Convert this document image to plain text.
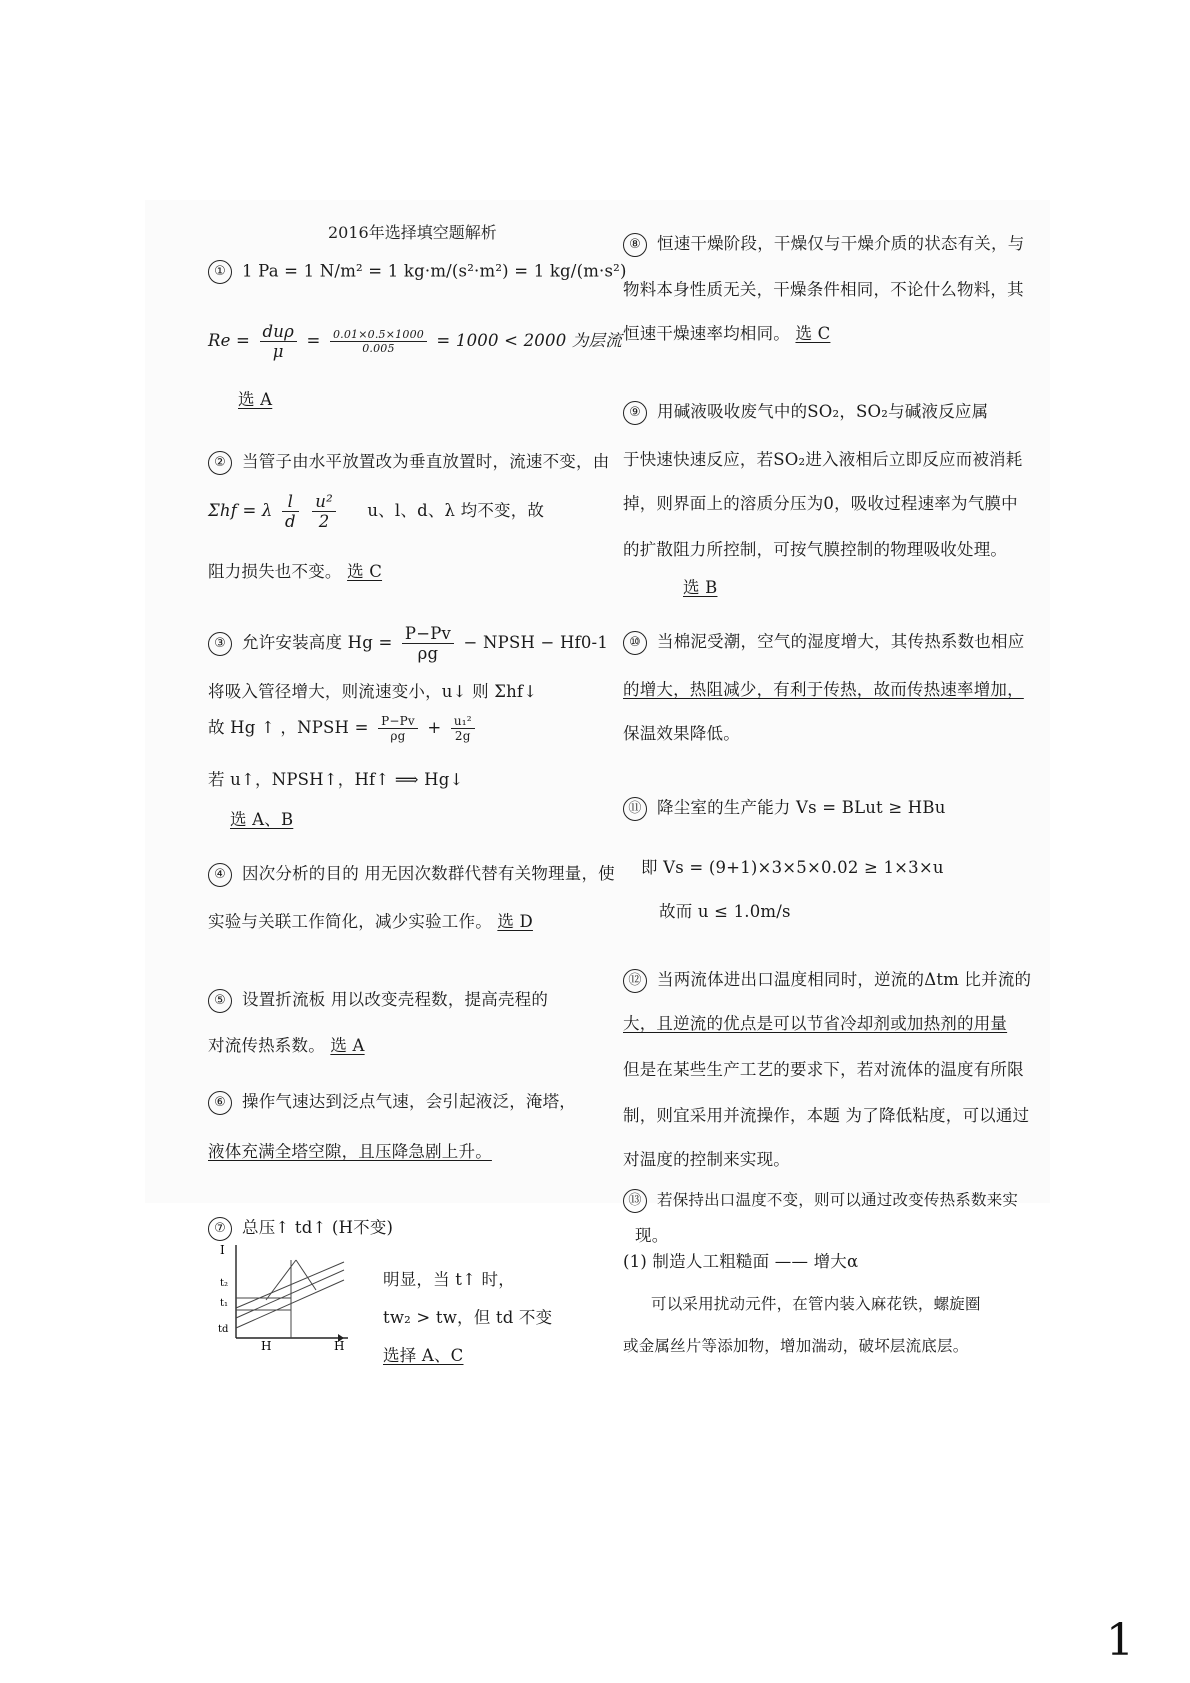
2016年选择填空题解析
① 1 Pa = 1 N/m² = 1 kg·m/(s²·m²) = 1 kg/(m·s²)
$Re = \frac{\text{duρ}}{\mu} = \frac{0.01\times 0.5\times 1000}{0.005} = 1000 < 2000$ 为层流
选 A
② 当管子由水平放置改为垂直放置时，流速不变，由
Σhf = λ $\frac{l}{d}$
$\frac{\text{u²}}{2}$ u、l、d、λ 均不变，故
阻力损失也不变。 选 C
③ 允许安装高度 $Hg = \frac{P-Pv}{\rho g}$ − NPSH − Hf0-1
将吸入管径增大，则流速变小，u↓ 则 Σhf↓
故 Hg ↑ ，NPSH = $\frac{P-Pv}{\rho g} + \frac{\text{u₁²}}{2g}$
若 u↑，NPSH↑，Hf↑ ⟹ Hg↓
选 A、B
④ 因次分析的目的 用无因次数群代替有关物理量，使
实验与关联工作简化，减少实验工作。 选 D
⑤ 设置折流板 用以改变壳程数，提高壳程的
对流传热系数。 选 A
⑥ 操作气速达到泛点气速，会引起液泛，淹塔，
液体充满全塔空隙，且压降急剧上升。
⑦ 总压↑ td↑ (H不变)
I
t₂
t₁
td
H	H
明显，当 t↑ 时，
tw₂ > tw，但 td 不变
选择 A、C
⑧ 恒速干燥阶段，干燥仅与干燥介质的状态有关，与
物料本身性质无关，干燥条件相同，不论什么物料，其
恒速干燥速率均相同。 选 C
⑨ 用碱液吸收废气中的SO₂，SO₂与碱液反应属
于快速快速反应，若SO₂进入液相后立即反应而被消耗
掉，则界面上的溶质分压为0，吸收过程速率为气膜中
的扩散阻力所控制，可按气膜控制的物理吸收处理。
选 B
⑩ 当棉泥受潮，空气的湿度增大，其传热系数也相应
的增大，热阻减少，有利于传热，故而传热速率增加，
保温效果降低。
⑪ 降尘室的生产能力 Vs = BLut ≥ HBu
即 Vs = (9+1)×3×5×0.02 ≥ 1×3×u
故而 u ≤ 1.0m/s
⑫ 当两流体进出口温度相同时，逆流的Δtm 比并流的
大，且逆流的优点是可以节省冷却剂或加热剂的用量
但是在某些生产工艺的要求下，若对流体的温度有所限
制，则宜采用并流操作，本题 为了降低粘度，可以通过
对温度的控制来实现。
⑬ 若保持出口温度不变，则可以通过改变传热系数来实
现。
(1) 制造人工粗糙面 —— 增大α
可以采用扰动元件，在管内装入麻花铁，螺旋圈
或金属丝片等添加物，增加湍动，破坏层流底层。
1
